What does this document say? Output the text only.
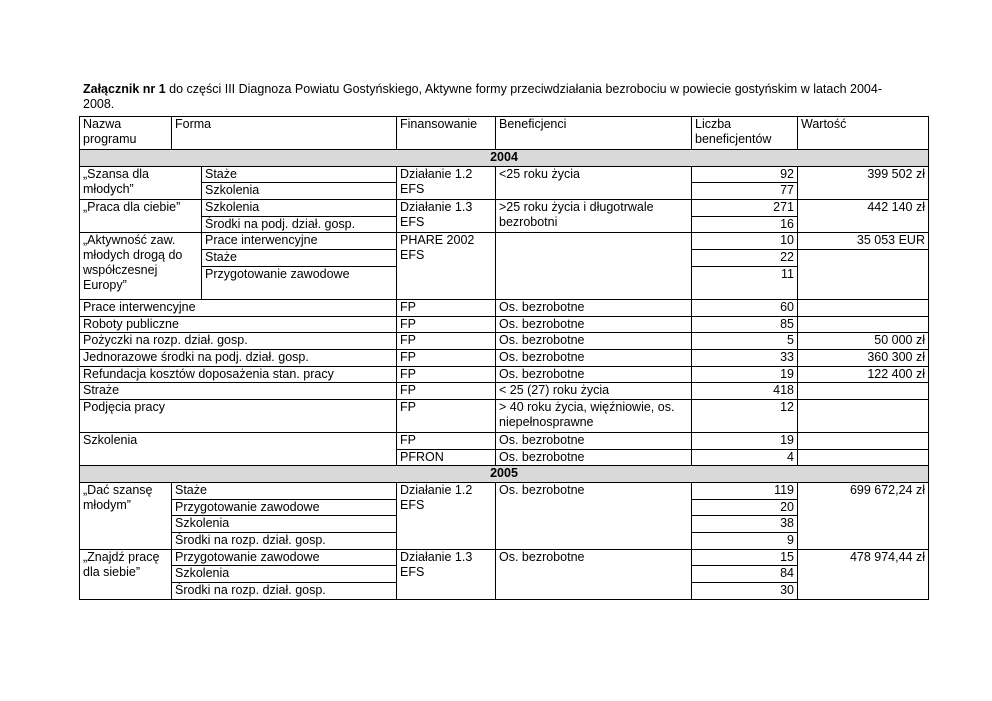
Załącznik nr 1 do części III Diagnoza Powiatu Gostyńskiego, Aktywne formy przeciwdziałania bezrobociu w powiecie gostyńskim w latach 2004-2008.
Nazwa programu	Forma		Finansowanie	Beneficjenci	Liczba beneficjentów	Wartość
2004						
„Szansa dla młodych”		Staże	Działanie 1.2 EFS	<25 roku życia	92	399 502 zł
		Szkolenia			77	
„Praca dla ciebie”		Szkolenia	Działanie 1.3 EFS	>25 roku życia i długotrwale bezrobotni	271	442 140 zł
		Środki na podj. dział. gosp.			16	
„Aktywność zaw. młodych drogą do współczesnej Europy”		Prace interwencyjne	PHARE 2002 EFS		10	35 053 EUR
		Staże			22	
		Przygotowanie zawodowe			11	
Prace interwencyjne			FP	Os. bezrobotne	60	
Roboty publiczne			FP	Os. bezrobotne	85	
Pożyczki na rozp. dział. gosp.			FP	Os. bezrobotne	5	50 000 zł
Jednorazowe środki na podj. dział. gosp.			FP	Os. bezrobotne	33	360 300 zł
Refundacja kosztów doposażenia stan. pracy			FP	Os. bezrobotne	19	122 400 zł
Straże			FP	< 25 (27) roku życia	418	
Podjęcia pracy			FP	> 40 roku życia, więźniowie, os. niepełnosprawne	12	
Szkolenia			FP	Os. bezrobotne	19	
			PFRON	Os. bezrobotne	4	
2005						
„Dać szansę młodym”	Staże		Działanie 1.2 EFS	Os. bezrobotne	119	699 672,24 zł
	Przygotowanie zawodowe				20	
	Szkolenia				38	
	Środki na rozp. dział. gosp.				9	
„Znajdź pracę dla siebie”	Przygotowanie zawodowe		Działanie 1.3 EFS	Os. bezrobotne	15	478 974,44 zł
	Szkolenia				84	
	Środki na rozp. dział. gosp.				30	
